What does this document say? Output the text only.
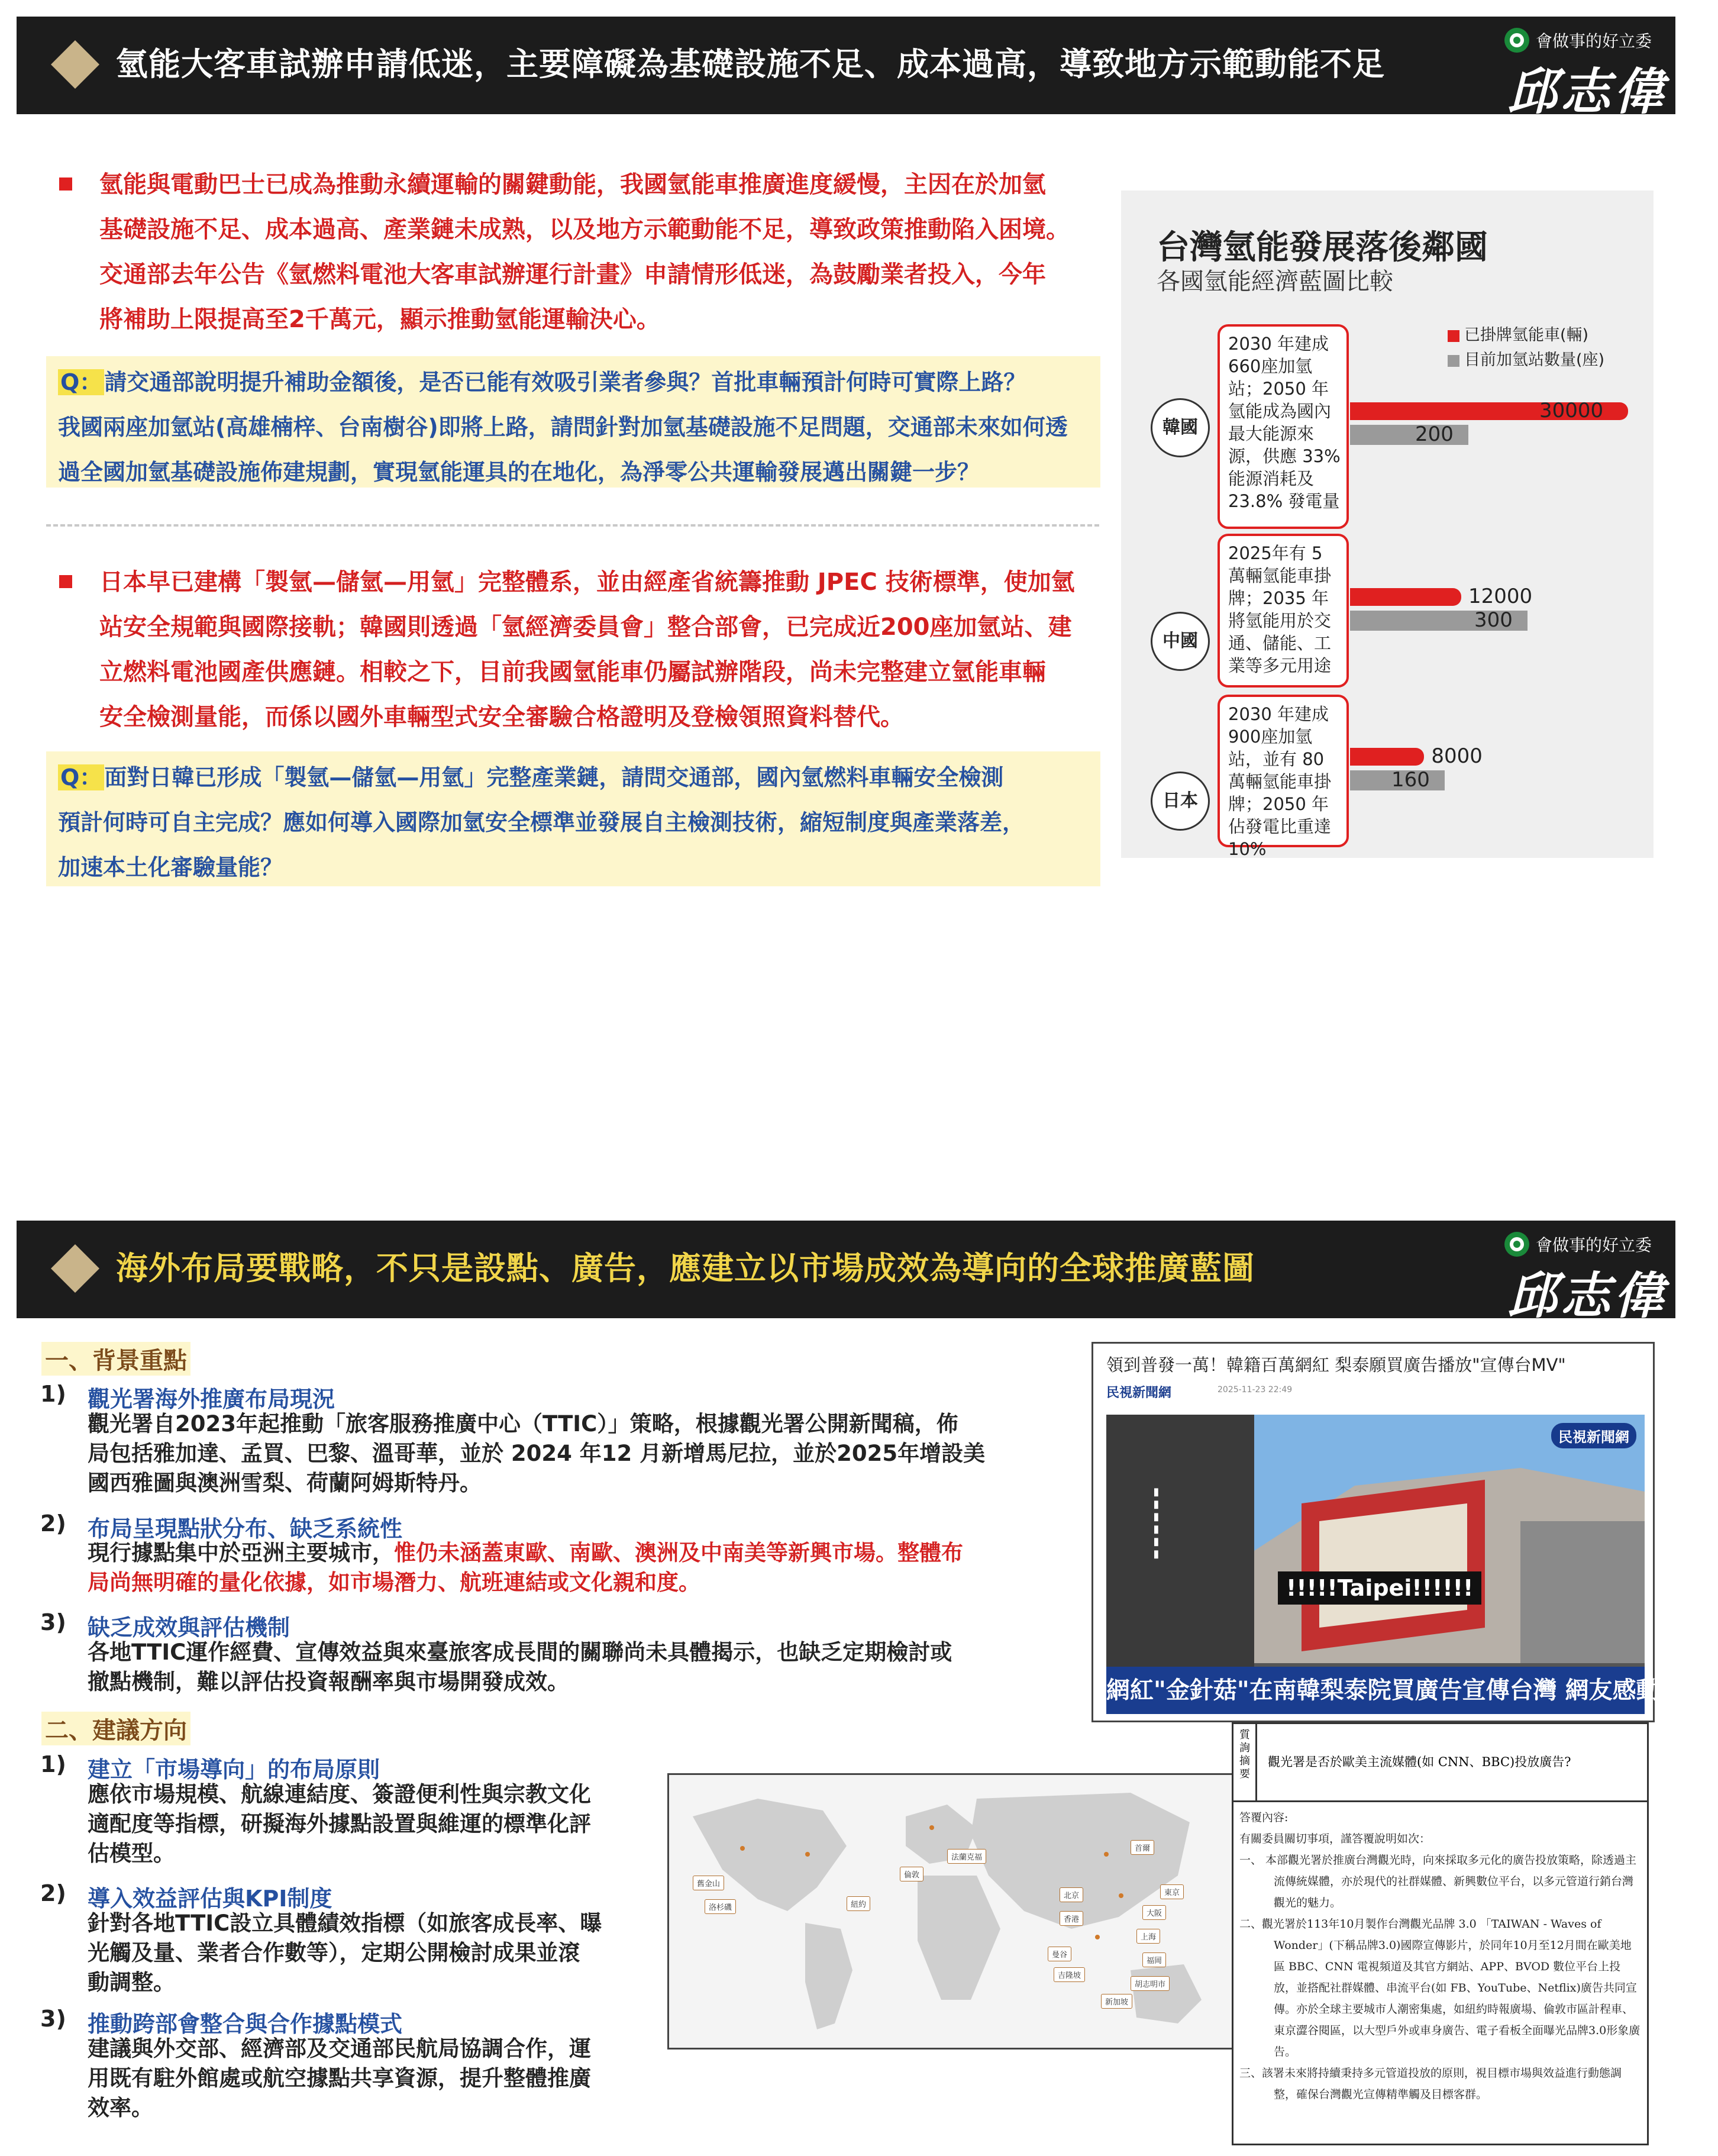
氫能大客車試辦申請低迷，主要障礙為基礎設施不足、成本過高，導致地方示範動能不足
會做事的好立委
邱志偉
氫能與電動巴士已成為推動永續運輸的關鍵動能，我國氫能車推廣進度緩慢，主因在於加氫
基礎設施不足、成本過高、產業鏈未成熟，以及地方示範動能不足，導致政策推動陷入困境。
交通部去年公告《氫燃料電池大客車試辦運行計畫》申請情形低迷，為鼓勵業者投入，今年
將補助上限提高至2千萬元，顯示推動氫能運輸決心。
Q： 請交通部說明提升補助金額後，是否已能有效吸引業者參與？首批車輛預計何時可實際上路？
我國兩座加氫站(高雄楠梓、台南樹谷)即將上路，請問針對加氫基礎設施不足問題，交通部未來如何透
過全國加氫基礎設施佈建規劃，實現氫能運具的在地化，為淨零公共運輸發展邁出關鍵一步？
日本早已建構「製氫—儲氫—用氫」完整體系，並由經產省統籌推動 JPEC 技術標準，使加氫
站安全規範與國際接軌；韓國則透過「氫經濟委員會」整合部會，已完成近200座加氫站、建
立燃料電池國產供應鏈。相較之下，目前我國氫能車仍屬試辦階段，尚未完整建立氫能車輛
安全檢測量能，而係以國外車輛型式安全審驗合格證明及登檢領照資料替代。
Q： 面對日韓已形成「製氫—儲氫—用氫」完整產業鏈，請問交通部，國內氫燃料車輛安全檢測
預計何時可自主完成？應如何導入國際加氫安全標準並發展自主檢測技術，縮短制度與產業落差，
加速本土化審驗量能？
台灣氫能發展落後鄰國
各國氫能經濟藍圖比較
已掛牌氫能車(輛)
目前加氫站數量(座)
韓國
2030 年建成 660座加氫站；2050 年氫能成為國內最大能源來源，供應 33% 能源消耗及 23.8% 發電量
30000
200
中國
2025年有 5 萬輛氫能車掛牌；2035 年將氫能用於交通、儲能、工業等多元用途
12000
300
日本
2030 年建成900座加氫站，並有 80 萬輛氫能車掛牌；2050 年佔發電比重達 10%
8000
160
海外布局要戰略，不只是設點、廣告，應建立以市場成效為導向的全球推廣藍圖
會做事的好立委
邱志偉
一、背景重點
1) 觀光署海外推廣布局現況
觀光署自2023年起推動「旅客服務推廣中心（TTIC）」策略，根據觀光署公開新聞稿，佈
局包括雅加達、孟買、巴黎、溫哥華，並於 2024 年12 月新增馬尼拉，並於2025年增設美
國西雅圖與澳洲雪梨、荷蘭阿姆斯特丹。
2) 布局呈現點狀分布、缺乏系統性
現行據點集中於亞洲主要城市，惟仍未涵蓋東歐、南歐、澳洲及中南美等新興市場。整體布
局尚無明確的量化依據，如市場潛力、航班連結或文化親和度。
3) 缺乏成效與評估機制
各地TTIC運作經費、宣傳效益與來臺旅客成長間的關聯尚未具體揭示，也缺乏定期檢討或
撤點機制，難以評估投資報酬率與市場開發成效。
二、建議方向
1) 建立「市場導向」的布局原則
應依市場規模、航線連結度、簽證便利性與宗教文化
適配度等指標，研擬海外據點設置與維運的標準化評
估模型。
2) 導入效益評估與KPI制度
針對各地TTIC設立具體績效指標（如旅客成長率、曝
光觸及量、業者合作數等），定期公開檢討成果並滾
動調整。
3) 推動跨部會整合與合作據點模式
建議與外交部、經濟部及交通部民航局協調合作，運
用既有駐外館處或航空據點共享資源，提升整體推廣
效率。
領到普發一萬！韓籍百萬網紅 梨泰願買廣告播放"宣傳台MV"
民視新聞網	2025-11-23 22:49
▮▮▮▮▮▮
民視新聞網
!!!!!Taipei!!!!!!
網紅"金針菇"在南韓梨泰院買廣告宣傳台灣 網友感動喊哭!
舊金山
洛杉磯	紐約
倫敦
法蘭克福
北京
首爾
大阪
東京
上海
香港
福岡
胡志明市
曼谷
吉隆坡
新加坡
質詢摘要
觀光署是否於歐美主流媒體(如 CNN、BBC)投放廣告?

答覆內容:

有關委員關切事項，謹答覆說明如次：

一、 本部觀光署於推廣台灣觀光時，向來採取多元化的廣告投放策略，除透過主流傳統媒體，亦於現代的社群媒體、新興數位平台，以多元管道行銷台灣觀光的魅力。

二、觀光署於113年10月製作台灣觀光品牌 3.0 「TAIWAN - Waves of Wonder」(下稱品牌3.0)國際宣傳影片，於同年10月至12月間在歐美地區 BBC、CNN 電視頻道及其官方網站、APP、BVOD 數位平台上投放，並搭配社群媒體、串流平台(如 FB、YouTube、Netflix)廣告共同宣傳。亦於全球主要城市人潮密集處，如紐約時報廣場、倫敦市區計程車、東京澀谷閱區，以大型戶外或車身廣告、電子看板全面曝光品牌3.0形象廣告。

三、該署未來將持續秉持多元管道投放的原則，視目標市場與效益進行動態調整，確保台灣觀光宣傳精準觸及目標客群。
